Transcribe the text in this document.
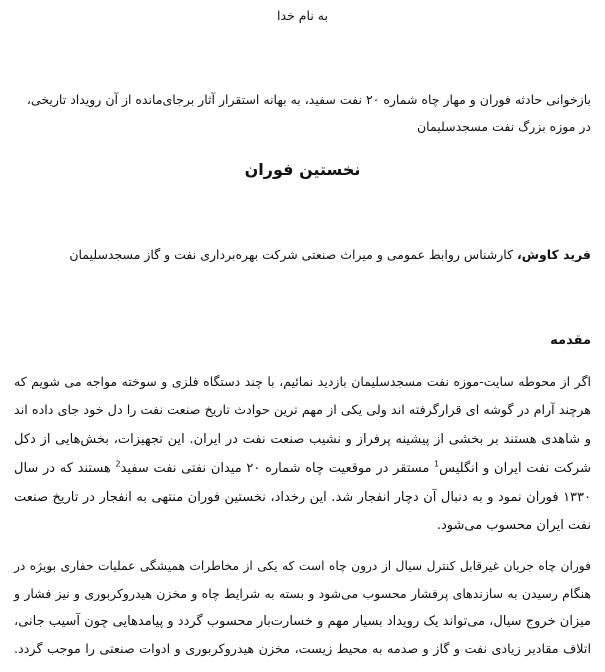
به نام خدا
بازخوانی حادثه فوران و مهار چاه شماره ۲۰ نفت سفید، به بهانه استقرار آثار برجای‌مانده از آن رویداد تاریخی،
در موزه بزرگ نفت مسجدسلیمان
نخستین فوران
فرید کاوش، کارشناس روابط عمومی و میراث صنعتی شرکت بهره‌برداری نفت و گاز مسجدسلیمان
مقدمه
اگر از محوطه سایت-موزه نفت مسجدسلیمان بازدید نمائیم، با چند دستگاه فلزی و سوخته مواجه می شویم که
هرچند آرام در گوشه ای قرارگرفته اند ولی یکی از مهم ترین حوادث تاریخ صنعت نفت را دل خود جای داده اند
و شاهدی هستند بر بخشی از پیشینه پرفراز و نشیب صنعت نفت در ایران. این تجهیزات، بخش‌هایی از دکل
شرکت نفت ایران و انگلیس$^1$ مستقر در موقعیت چاه شماره ۲۰ میدان نفتی نفت سفید$^2$ هستند که در سال
۱۳۳۰ فوران نمود و به دنبال آن دچار انفجار شد. این رخداد، نخستین فوران منتهی به انفجار در تاریخ صنعت
نفت ایران محسوب می‌شود.
فوران چاه جریان غیرقابل کنترل سیال از درون چاه است که یکی از مخاطرات همیشگی عملیات حفاری بویژه در
هنگام رسیدن به سازندهای پرفشار محسوب می‌شود و بسته به شرایط چاه و مخزن هیدروکربوری و نیز فشار و
میزان خروج سیال، می‌تواند یک رویداد بسیار مهم و خسارت‌بار محسوب گردد و پیامدهایی چون آسیب جانی،
اتلاف مقادیر زیادی نفت و گاز و صدمه به محیط زیست، مخزن هیدروکربوری و ادوات صنعتی را موجب گردد.
